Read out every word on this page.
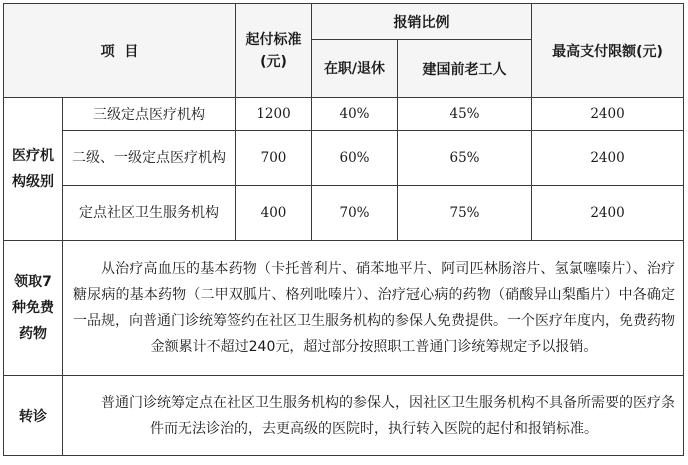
项  目		起付标准(元)	报销比例		最高支付限额(元)
			在职/退休	建国前老工人	
医疗机构级别	三级定点医疗机构	1200	40%	45%	2400
	二级、一级定点医疗机构	700	60%	65%	2400
	定点社区卫生服务机构	400	70%	75%	2400
领取7种免费药物	从治疗高血压的基本药物（卡托普利片、硝苯地平片、阿司匹林肠溶片、氢氯噻嗪片）、治疗糖尿病的基本药物（二甲双胍片、格列吡嗪片）、治疗冠心病的药物（硝酸异山梨酯片）中各确定一品规，向普通门诊统筹签约在社区卫生服务机构的参保人免费提供。一个医疗年度内，免费药物金额累计不超过240元，超过部分按照职工普通门诊统筹规定予以报销。				
转诊	普通门诊统筹定点在社区卫生服务机构的参保人，因社区卫生服务机构不具备所需要的医疗条件而无法诊治的，去更高级的医院时，执行转入医院的起付和报销标准。				
